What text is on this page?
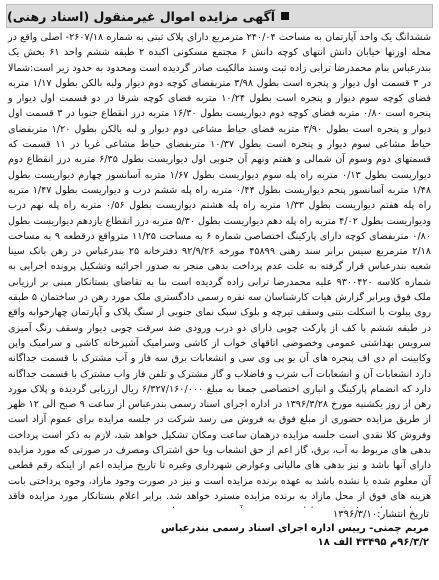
آگهی مزایده اموال غیرمنقول (اسناد رهنی)

ششدانگ یک واحد آپارتمان به مساحت ۲۴۰/۰۴ مترمربع دارای پلاک ثبتی به شماره ۲۶۰۷/۱۸- اصلی واقع در محله اوزنها خیابان دانش انتهای کوچه دانش ۶ مجتمع مسکونی اکبده ۲ طبقه ششم واحد ۶۱ بخش یک بندرعباس بنام محمدرضا ترابی زاده ثبت وسند مالکیت صادر گردیده است ومحدود به حدود زیر است:شمالا در ۳ قسمت اول دیوار و پنجره است بطول ۳/۹۸ متربفضای کوچه دوم دیوار ولبه بالکن بطول ۱/۱۷ متربه فضای کوچه سوم دیوار و پنجره است بطول ۱۰/۲۴ متربه فضای کوچه شرقا در دو قسمت اول دیوار و پنجره است ۰/۸۰ متربه فضای کوچه دوم دیواریست بطول ۱۶/۳۰ متربه درز انقطاع جنوبا در ۳ قسمت اول دیوار و پنجره است بطول ۳/۹۰ متربه فضای حیاط مشاعی دوم دیوار و لبه بالکن بطول ۱/۲۰ متربفضای حیاط مشاعی سوم دیوار و پنجره است بطول ۱۰/۳۷ متربفضای حیاط مشاعی غربا در ۱۱ قسمت که قسمتهای دوم وسوم آن شمالی و هفتم ونهم آن جنوبی اول دیواریست بطول ۶/۳۵ متربه درز انقطاع دوم دیواریست بطول ۰/۱۳ متربه راه پله سوم دیواریست بطول ۱/۶۷ متربه آسانسور چهارم دیواریست بطول ۱/۴۸ متربه آسانسور پنجم دیواریست بطول ۰/۴۴ متربه راه پله ششم درب و دیواریست بطول ۱/۴۷ متربه راه پله هفتم دیواریست بطول ۱/۳۳ متربه راه پله هشتم دیواریست بطول ۰/۵۶ متربه راه پله نهم درب ودیواریست بطول ۴/۰۲ متربه راه پله دهم دیواریست بطول ۵/۳۰ متربه درز انقطاع یازدهم دیواریست بطول ۰/۸۰ متربفضای کوچه دارای پارکینگ اختصاصی شماره ۶ به مساحت ۱۱/۲۵ مترواقع درقطعه ۹ به مساحت ۲/۱۸ مترمربع سیس برابر سند رهنی ۴۵۸۹۹ مورخه ۹۲/۹/۲۶ دفترخانه ۲۵ بندرعباس در رهن بانک سینا شعبه بندرعباس قرار گرفته به علت عدم پرداخت بدهی منجر به صدور اجرائیه وتشکیل پرونده اجرایی به شماره کلاسه ۹۳۰۰۴۲۰ علیه محمدرضا ترابی زاده گردیده است بنا به تقاضای بستانکار مبنی بر ارزیابی ملک فوق وبرابر گزارش هیات کارشناسان سه نفره رسمی دادگستری ملک مورد رهن در ساختمان ۵ طبقه روی پیلوت با اسکلت بتنی وسقف تیرچه و بلوک سبک نمای جنوبی از سنگ پلاک و آپارتمان چهارخوابه واقع در طبقه ششم با کف از پارکت چوبی دارای دو درب ورودی ضد سرقت چوبی دیوار وسقف رنگ آمیزی سرویس بهداشتی عمومی وخصوصی اتاقهای خواب از کاشی وسرامیک آشپزخانه کاشی و سرامیک واپن وکابینت ام دی اف پنجره های آن یو پی وی سی و انشعابات برق سه فاز و آب مشترک با قسمت جداگانه دارد انشعابات آن و انشعابات آب شرب و فاضلاب و گاز مشترک و تلفن فاز واب مشترک با قسمت جداگانه دارد که انضمام پارکینگ و انباری اختصاصی جمعا به مبلغ ۶/۳۲۷/۱۶۰/۰۰۰ ریال ارزیابی گردیده و پلاک مورد رهن از روز یکشنبه مورخ ۱۳۹۶/۳/۲۸ در اداره اجرای اسناد رسمی بندرعباس از ساعت ۹ صبح الی ۱۲ ظهر از طریق مزایده حضوری از مبلغ فوق به فروش می رسد شرکت در جلسه مزایده برای عموم آزاد است وفروش کلا نقدی است جلسه مزایده درهمان ساعت ومکان تشکیل خواهد شد، لازم به ذکر است پرداخت بدهی های مربوط به آب، برق، گاز اعم از حق انشعاب ویا حق اشتراک ومصرف در صورتی که مورد مزایده دارای آنها باشد و نیز بدهی های مالیاتی وعوارض شهرداری وغیره تا تاریخ مزایده اعم از اینکه رقم قطعی آن معلوم شده یا نشده باشد به عهده برنده مزایده است و نیز در صورت وجود مازاد، وجوه پرداختی بابت هزینه های فوق از محل مازاد به برنده مزایده مسترد خواهد شد. برابر اعلام بستانکار مورد مزایده فاقد

تاریخ انتشار:۱۳۹۶/۳/۱۰
مریم چمنی- رییس اداره اجرای اسناد رسمی بندرعباس
۹۶/۳/۲م ۴۳۴۹۵ الف ۱۸
